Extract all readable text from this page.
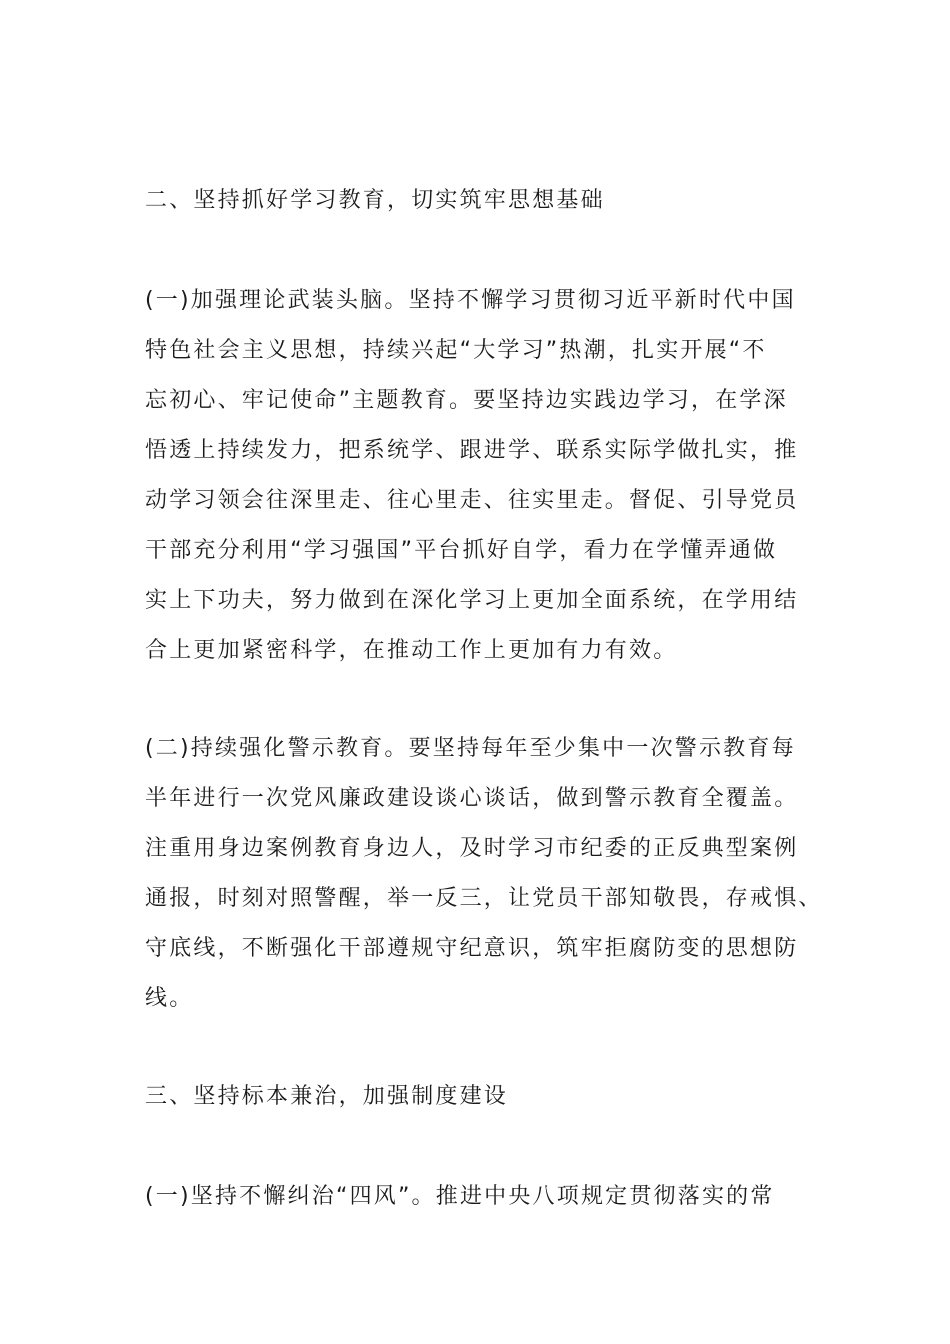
二、坚持抓好学习教育，切实筑牢思想基础
(一)加强理论武装头脑。坚持不懈学习贯彻习近平新时代中国
特色社会主义思想，持续兴起“大学习”热潮，扎实开展“不
忘初心、牢记使命”主题教育。要坚持边实践边学习，在学深
悟透上持续发力，把系统学、跟进学、联系实际学做扎实，推
动学习领会往深里走、往心里走、往实里走。督促、引导党员
干部充分利用“学习强国”平台抓好自学，看力在学懂弄通做
实上下功夫，努力做到在深化学习上更加全面系统，在学用结
合上更加紧密科学，在推动工作上更加有力有效。
(二)持续强化警示教育。要坚持每年至少集中一次警示教育每
半年进行一次党风廉政建设谈心谈话，做到警示教育全覆盖。
注重用身边案例教育身边人，及时学习市纪委的正反典型案例
通报，时刻对照警醒，举一反三，让党员干部知敬畏，存戒惧、
守底线，不断强化干部遵规守纪意识，筑牢拒腐防变的思想防
线。
三、坚持标本兼治，加强制度建设
(一)坚持不懈纠治“四风”。推进中央八项规定贯彻落实的常
